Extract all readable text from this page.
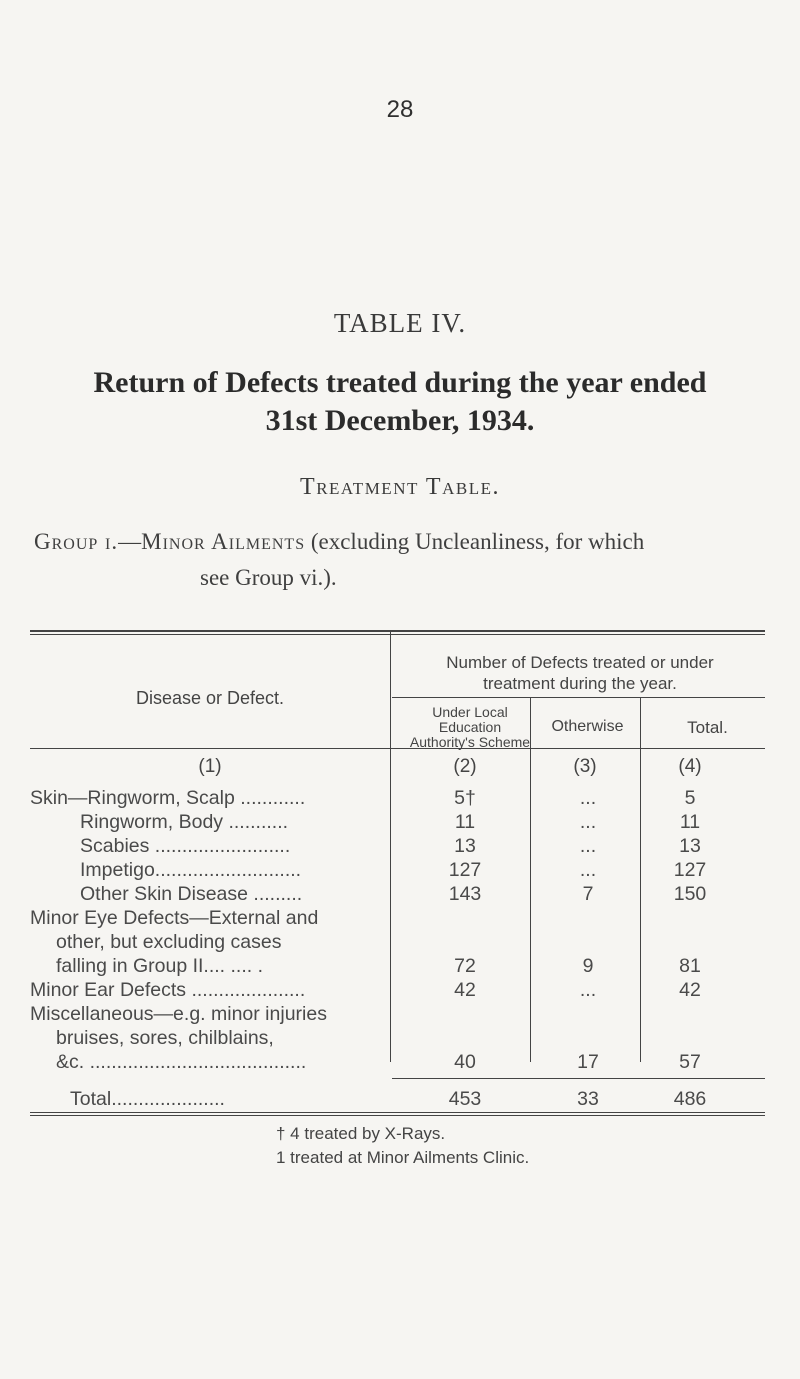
28
TABLE IV.
Return of Defects treated during the year ended
31st December, 1934.
Treatment Table.
Group i.—Minor Ailments (excluding Uncleanliness, for which
see Group vi.).
Disease or Defect.
Number of Defects treated or under
treatment during the year.
Under Local
Education
Authority's Scheme
Otherwise	Total.
(1)	(2)	(3)	(4)
Skin—Ringworm, Scalp ............	5†	...	5
Ringworm, Body ...........	11	...	11
Scabies .........................	13	...	13
Impetigo...........................	127	...	127
Other Skin Disease .........	143	7	150
Minor Eye Defects—External and
other, but excluding cases
falling in Group II.... .... .	72	9	81
Minor Ear Defects .....................	42	...	42
Miscellaneous—e.g. minor injuries
bruises, sores, chilblains,
&c. ........................................	40	17	57
Total.....................	453	33	486
† 4 treated by X-Rays.
1 treated at Minor Ailments Clinic.
